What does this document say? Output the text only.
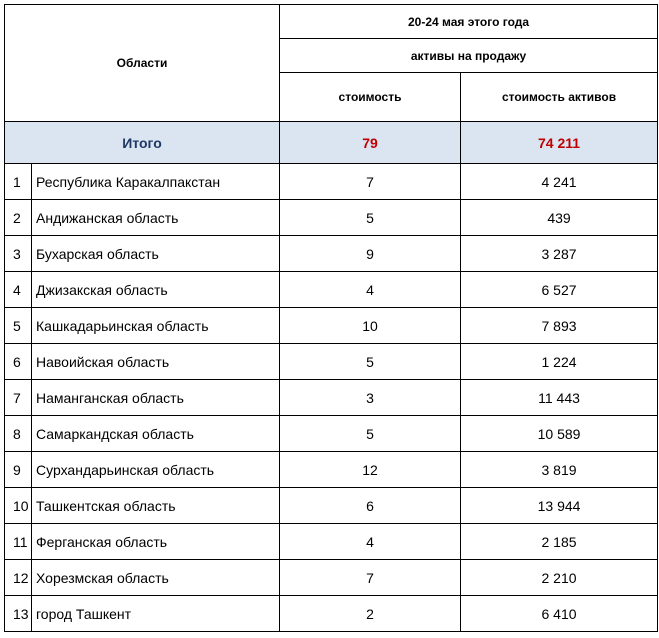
Области		20-24 мая этого года	
		активы на продажу	
		стоимость	стоимость активов
Итого		79	74 211
1	Республика Каракалпакстан	7	4 241
2	Андижанская область	5	439
3	Бухарская область	9	3 287
4	Джизакская область	4	6 527
5	Кашкадарьинская область	10	7 893
6	Навоийская область	5	1 224
7	Наманганская область	3	11 443
8	Самаркандская область	5	10 589
9	Сурхандарьинская область	12	3 819
10	Ташкентская область	6	13 944
11	Ферганская область	4	2 185
12	Хорезмская область	7	2 210
13	город Ташкент	2	6 410
